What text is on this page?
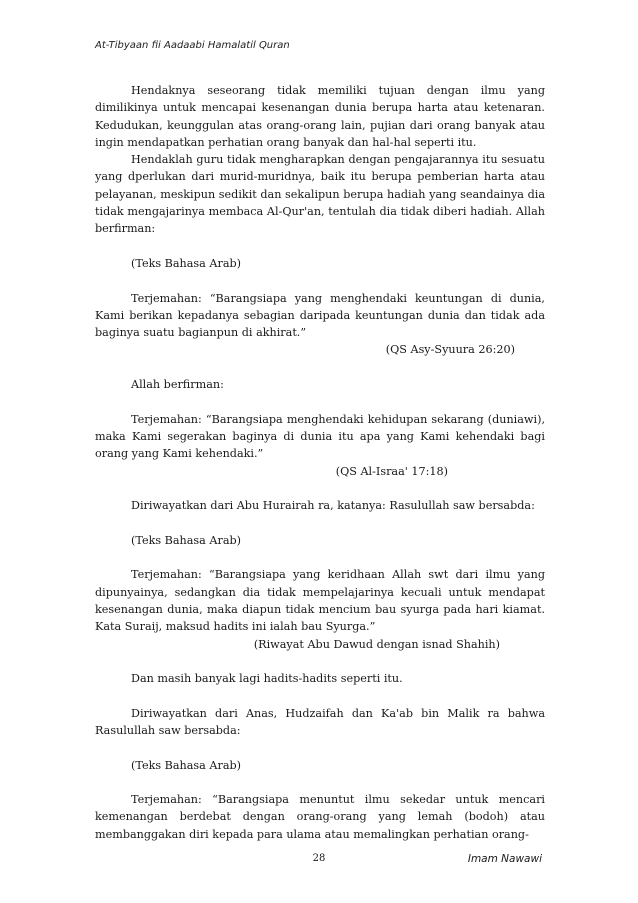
At-Tibyaan fii Aadaabi Hamalatil Quran

Hendaknya seseorang tidak memiliki tujuan dengan ilmu yang dimilikinya untuk mencapai kesenangan dunia berupa harta atau ketenaran. Kedudukan, keunggulan atas orang-orang lain, pujian dari orang banyak atau ingin mendapatkan perhatian orang banyak dan hal-hal seperti itu.

Hendaklah guru tidak mengharapkan dengan pengajarannya itu sesuatu yang dperlukan dari murid-muridnya, baik itu berupa pemberian harta atau pelayanan, meskipun sedikit dan sekalipun berupa hadiah yang seandainya dia tidak mengajarinya membaca Al-Qur'an, tentulah dia tidak diberi hadiah. Allah berfirman:

(Teks Bahasa Arab)

Terjemahan: “Barangsiapa yang menghendaki keuntungan di dunia, Kami berikan kepadanya sebagian daripada keuntungan dunia dan tidak ada baginya suatu bagianpun di akhirat.”

(QS Asy-Syuura 26:20)

Allah berfirman:

Terjemahan: “Barangsiapa menghendaki kehidupan sekarang (duniawi), maka Kami segerakan baginya di dunia itu apa yang Kami kehendaki bagi orang yang Kami kehendaki.”

(QS Al-Israa' 17:18)

Diriwayatkan dari Abu Hurairah ra, katanya: Rasulullah saw bersabda:

(Teks Bahasa Arab)

Terjemahan: “Barangsiapa yang keridhaan Allah swt dari ilmu yang dipunyainya, sedangkan dia tidak mempelajarinya kecuali untuk mendapat kesenangan dunia, maka diapun tidak mencium bau syurga pada hari kiamat. Kata Suraij, maksud hadits ini ialah bau Syurga.”

(Riwayat Abu Dawud dengan isnad Shahih)

Dan masih banyak lagi hadits-hadits seperti itu.

Diriwayatkan dari Anas, Hudzaifah dan Ka'ab bin Malik ra bahwa Rasulullah saw bersabda:

(Teks Bahasa Arab)

Terjemahan: “Barangsiapa menuntut ilmu sekedar untuk mencari kemenangan berdebat dengan orang-orang yang lemah (bodoh) atau membanggakan diri kepada para ulama atau memalingkan perhatian orang-

28	Imam Nawawi
